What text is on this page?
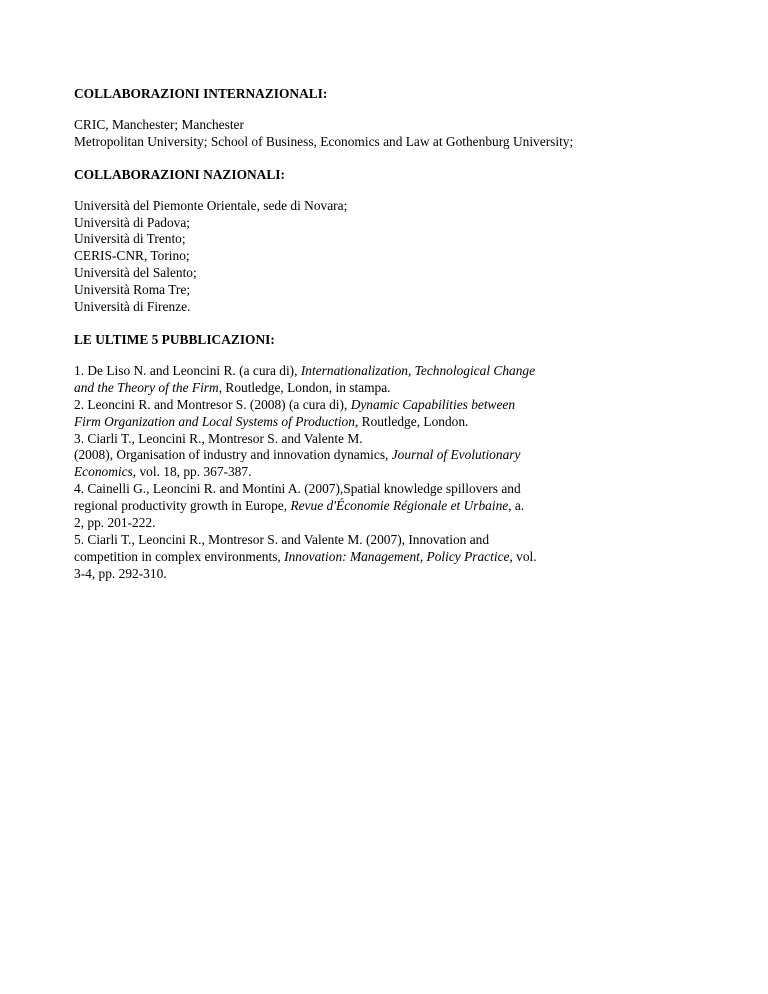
COLLABORAZIONI INTERNAZIONALI:

CRIC, Manchester; Manchester
Metropolitan University; School of Business, Economics and Law at Gothenburg University;

COLLABORAZIONI NAZIONALI:

Università del Piemonte Orientale, sede di Novara;
Università di Padova;
Università di Trento;
CERIS-CNR, Torino;
Università del Salento;
Università Roma Tre;
Università di Firenze.

LE ULTIME 5 PUBBLICAZIONI:

1. De Liso N. and Leoncini R. (a cura di), Internationalization, Technological Change
and the Theory of the Firm, Routledge, London, in stampa.
2. Leoncini R. and Montresor S. (2008) (a cura di), Dynamic Capabilities between
Firm Organization and Local Systems of Production, Routledge, London.
3. Ciarli T., Leoncini R., Montresor S. and Valente M.
(2008), Organisation of industry and innovation dynamics, Journal of Evolutionary
Economics, vol. 18, pp. 367-387.
4. Cainelli G., Leoncini R. and Montini A. (2007),Spatial knowledge spillovers and
regional productivity growth in Europe, Revue d'Économie Régionale et Urbaine, a.
2, pp. 201-222.
5. Ciarli T., Leoncini R., Montresor S. and Valente M. (2007), Innovation and
competition in complex environments, Innovation: Management, Policy Practice, vol.
3-4, pp. 292-310.
